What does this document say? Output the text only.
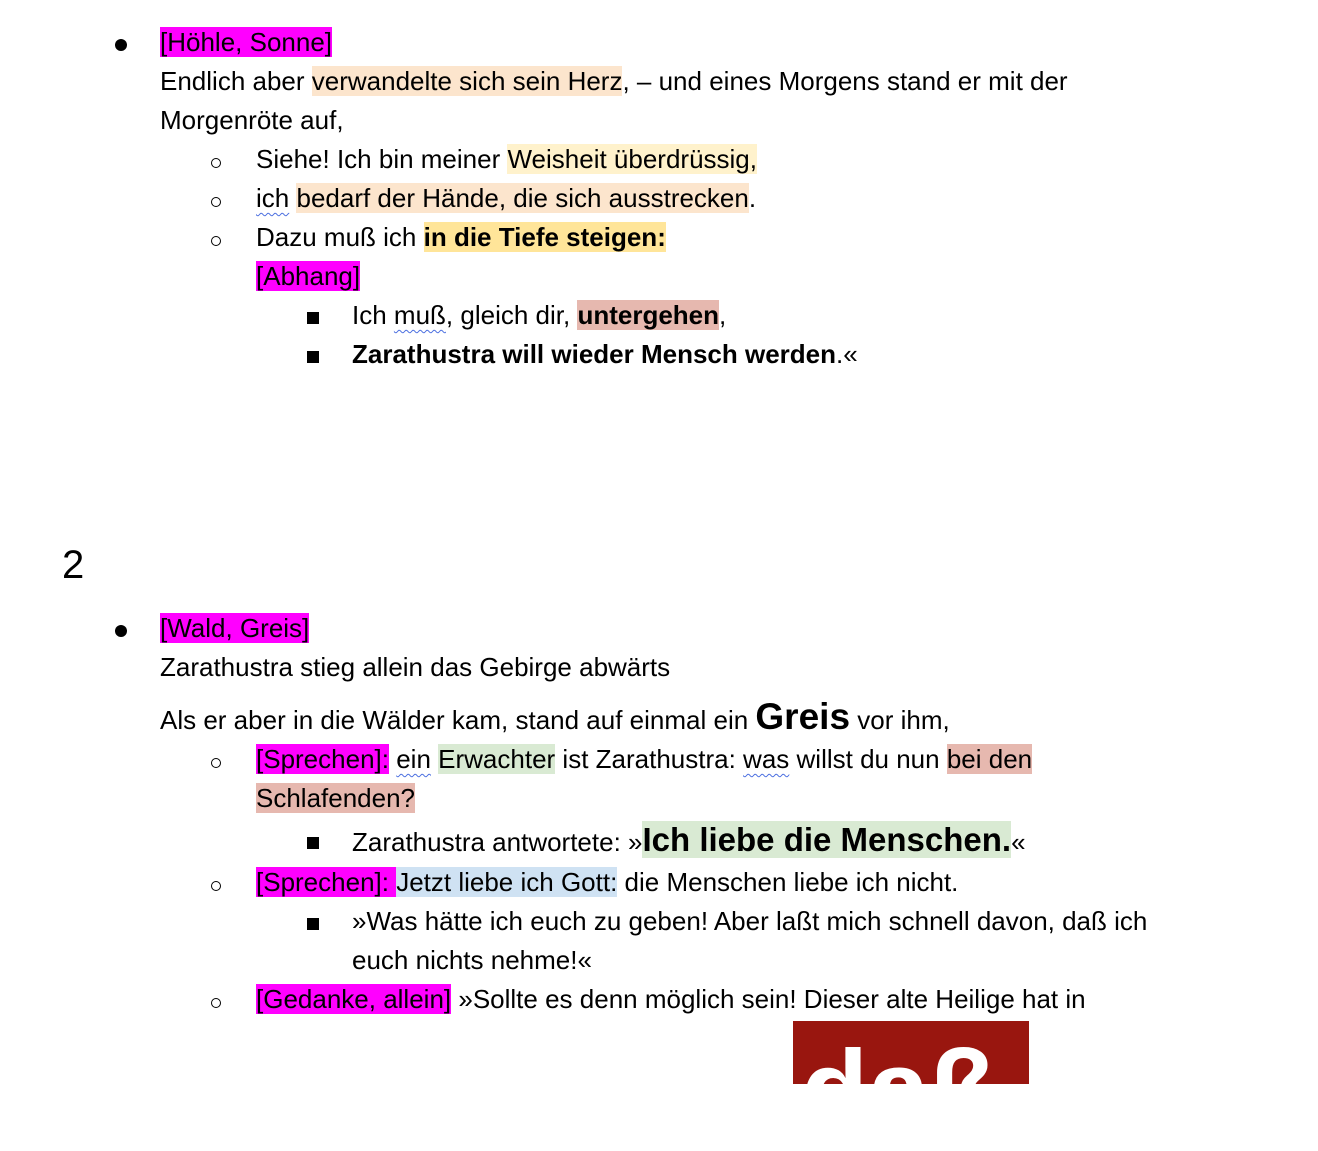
[Höhle, Sonne]
Endlich aber verwandelte sich sein Herz, – und eines Morgens stand er mit der
Morgenröte auf,
Siehe! Ich bin meiner Weisheit überdrüssig,
ich bedarf der Hände, die sich ausstrecken.
Dazu muß ich in die Tiefe steigen:
[Abhang]
Ich muß, gleich dir, untergehen,
Zarathustra will wieder Mensch werden.«
2
[Wald, Greis]
Zarathustra stieg allein das Gebirge abwärts
Als er aber in die Wälder kam, stand auf einmal ein Greis vor ihm,
[Sprechen]: ein Erwachter ist Zarathustra: was willst du nun bei den
Schlafenden?
Zarathustra antwortete: »Ich liebe die Menschen.«
[Sprechen]: Jetzt liebe ich Gott: die Menschen liebe ich nicht.
»Was hätte ich euch zu geben! Aber laßt mich schnell davon, daß ich
euch nichts nehme!«
[Gedanke, allein] »Sollte es denn möglich sein! Dieser alte Heilige hat in
daß
